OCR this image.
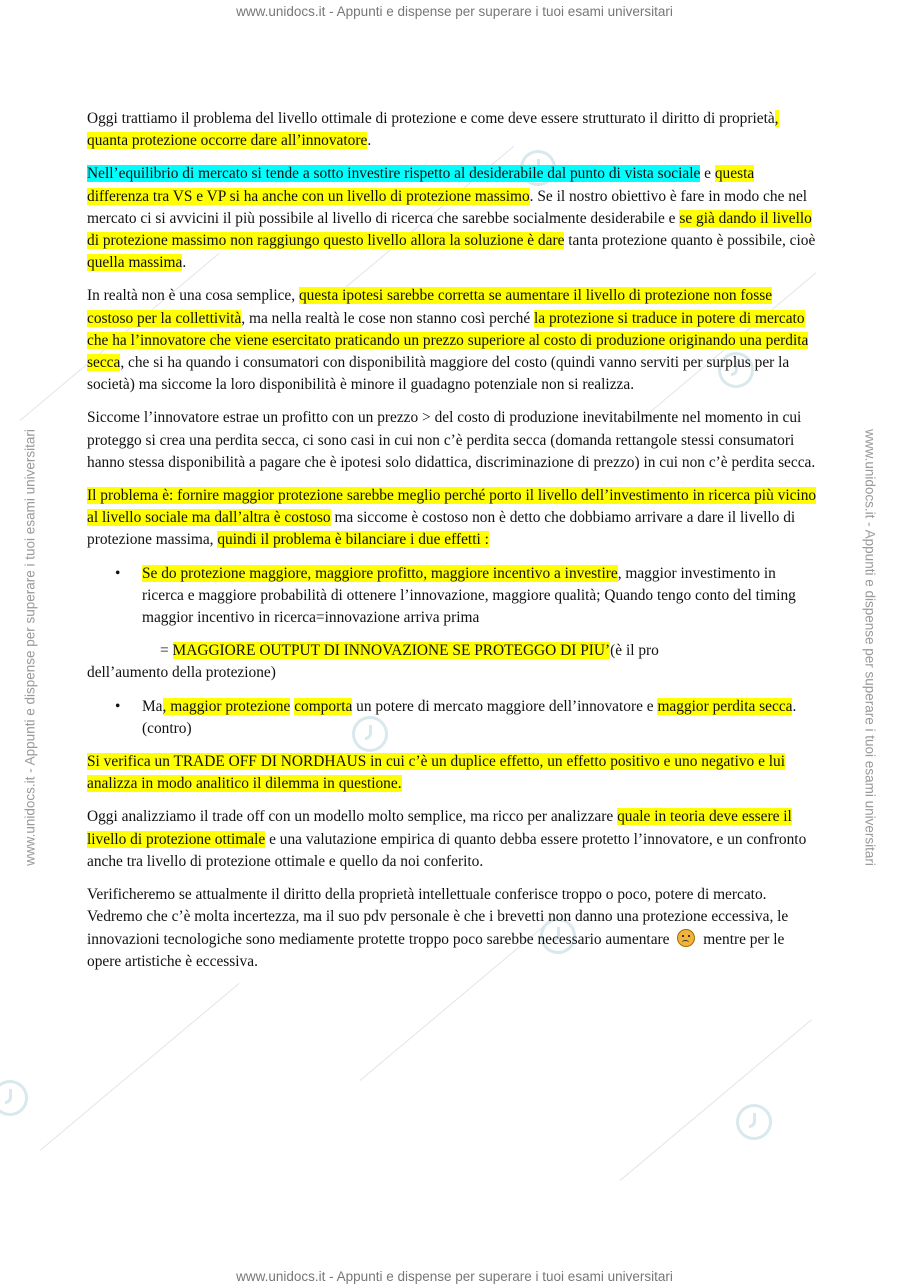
www.unidocs.it - Appunti e dispense per superare i tuoi esami universitari
www.unidocs.it - Appunti e dispense per superare i tuoi esami universitari
www.unidocs.it - Appunti e dispense per superare i tuoi esami universitari	www.unidocs.it - Appunti e dispense per superare i tuoi esami universitari

Oggi trattiamo il problema del livello ottimale di protezione e come deve essere strutturato il diritto di proprietà, quanta protezione occorre dare all’innovatore.

Nell’equilibrio di mercato si tende a sotto investire rispetto al desiderabile dal punto di vista sociale e questa differenza tra VS e VP si ha anche con un livello di protezione massimo. Se il nostro obiettivo è fare in modo che nel mercato ci si avvicini il più possibile al livello di ricerca che sarebbe socialmente desiderabile e se già dando il livello di protezione massimo non raggiungo questo livello allora la soluzione è dare tanta protezione quanto è possibile, cioè quella massima.

In realtà non è una cosa semplice, questa ipotesi sarebbe corretta se aumentare il livello di protezione non fosse costoso per la collettività, ma nella realtà le cose non stanno così perché la protezione si traduce in potere di mercato che ha l’innovatore che viene esercitato praticando un prezzo superiore al costo di produzione originando una perdita secca, che si ha quando i consumatori con disponibilità maggiore del costo (quindi vanno serviti per surplus per la società) ma siccome la loro disponibilità è minore il guadagno potenziale non si realizza.

Siccome l’innovatore estrae un profitto con un prezzo > del costo di produzione inevitabilmente nel momento in cui proteggo si crea una perdita secca, ci sono casi in cui non c’è perdita secca (domanda rettangole stessi consumatori hanno stessa disponibilità a pagare che è ipotesi solo didattica, discriminazione di prezzo) in cui non c’è perdita secca.

Il problema è: fornire maggior protezione sarebbe meglio perché porto il livello dell’investimento in ricerca più vicino al livello sociale ma dall’altra è costoso ma siccome è costoso non è detto che dobbiamo arrivare a dare il livello di protezione massima, quindi il problema è bilanciare i due effetti :

• Se do protezione maggiore, maggiore profitto, maggiore incentivo a investire, maggior investimento in ricerca e maggiore probabilità di ottenere l’innovazione, maggiore qualità; Quando tengo conto del timing maggior incentivo in ricerca=innovazione arriva prima

= MAGGIORE OUTPUT DI INNOVAZIONE SE PROTEGGO DI PIU’(è il pro
dell’aumento della protezione)

• Ma, maggior protezione comporta un potere di mercato maggiore dell’innovatore e maggior perdita secca. (contro)

Si verifica un TRADE OFF DI NORDHAUS in cui c’è un duplice effetto, un effetto positivo e uno negativo e lui analizza in modo analitico il dilemma in questione.

Oggi analizziamo il trade off con un modello molto semplice, ma ricco per analizzare quale in teoria deve essere il livello di protezione ottimale e una valutazione empirica di quanto debba essere protetto l’innovatore, e un confronto anche tra livello di protezione ottimale e quello da noi conferito.

Verificheremo se attualmente il diritto della proprietà intellettuale conferisce troppo o poco, potere di mercato. Vedremo che c’è molta incertezza, ma il suo pdv personale è che i brevetti non danno una protezione eccessiva, le innovazioni tecnologiche sono mediamente protette troppo poco sarebbe necessario aumentare  mentre per le opere artistiche è eccessiva.
